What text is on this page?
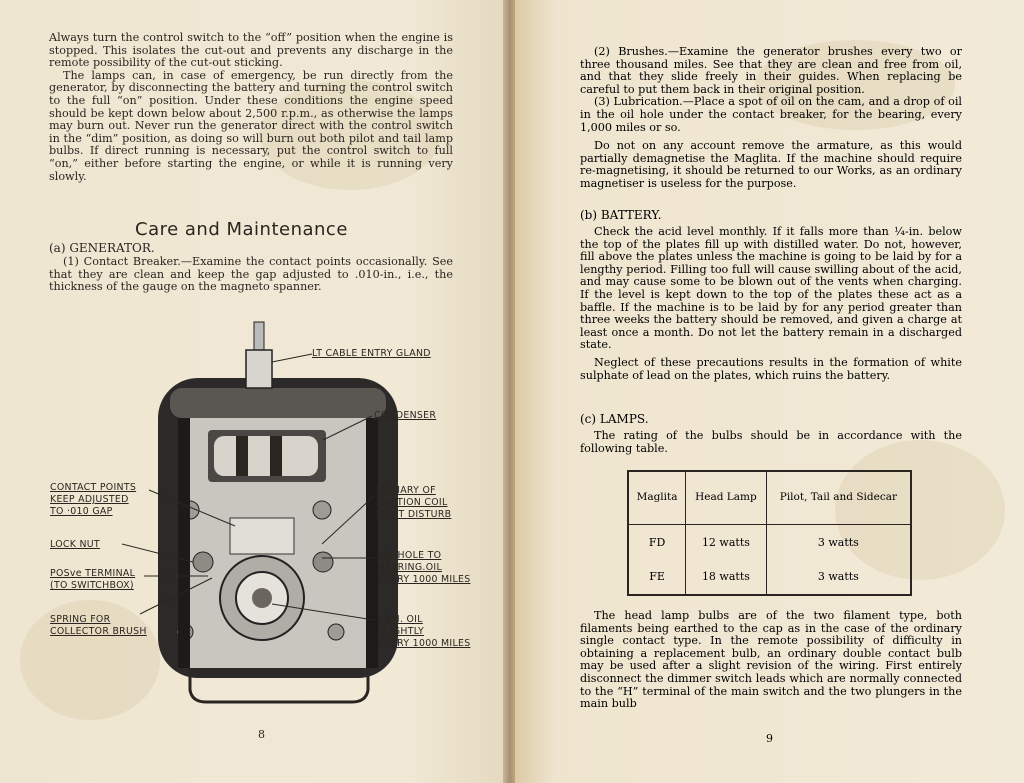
Always turn the control switch to the “off” position when the engine is stopped. This isolates the cut-out and prevents any discharge in the remote possibility of the cut-out sticking.

The lamps can, in case of emergency, be run directly from the generator, by disconnecting the battery and turning the control switch to the full “on” position. Under these conditions the engine speed should be kept down below about 2,500 r.p.m., as otherwise the lamps may burn out. Never run the generator direct with the control switch in the “dim” position, as doing so will burn out both pilot and tail lamp bulbs. If direct running is necessary, put the control switch to full “on,” either before starting the engine, or while it is running very slowly.

Care and Maintenance
(a) GENERATOR.

(1) Contact Breaker.—Examine the contact points occasionally. See that they are clean and keep the gap adjusted to .010-in., i.e., the thickness of the gauge on the magneto spanner.

LT CABLE ENTRY GLAND
CONDENSER
CONTACT POINTS
KEEP ADJUSTED
TO ·010 GAP
PRIMARY OF
IGNITION COIL
DONT DISTURB
LOCK NUT
OIL HOLE TO
BEARING.OIL
EVERY 1000 MILES
POSve TERMINAL
(TO SWITCHBOX)
SPRING FOR
COLLECTOR BRUSH
CAM. OIL
SLIGHTLY
EVERY 1000 MILES
8

(2) Brushes.—Examine the generator brushes every two or three thousand miles. See that they are clean and free from oil, and that they slide freely in their guides. When replacing be careful to put them back in their original position.

(3) Lubrication.—Place a spot of oil on the cam, and a drop of oil in the oil hole under the contact breaker, for the bearing, every 1,000 miles or so.

Do not on any account remove the armature, as this would partially demagnetise the Maglita. If the machine should require re-magnetising, it should be returned to our Works, as an ordinary magnetiser is useless for the purpose.

(b) BATTERY.

Check the acid level monthly. If it falls more than ¼-in. below the top of the plates fill up with distilled water. Do not, however, fill above the plates unless the machine is going to be laid by for a lengthy period. Filling too full will cause swilling about of the acid, and may cause some to be blown out of the vents when charging. If the level is kept down to the top of the plates these act as a baffle. If the machine is to be laid by for any period greater than three weeks the battery should be removed, and given a charge at least once a month. Do not let the battery remain in a discharged state.

Neglect of these precautions results in the formation of white sulphate of lead on the plates, which ruins the battery.

(c) LAMPS.

The rating of the bulbs should be in accordance with the following table.

Maglita	Head Lamp	Pilot, Tail and Sidecar
FD	12 watts	3 watts
FE	18 watts	3 watts

The head lamp bulbs are of the two filament type, both filaments being earthed to the cap as in the case of the ordinary single contact type. In the remote possibility of difficulty in obtaining a replacement bulb, an ordinary double contact bulb may be used after a slight revision of the wiring. First entirely disconnect the dimmer switch leads which are normally connected to the “H” terminal of the main switch and the two plungers in the main bulb

9
